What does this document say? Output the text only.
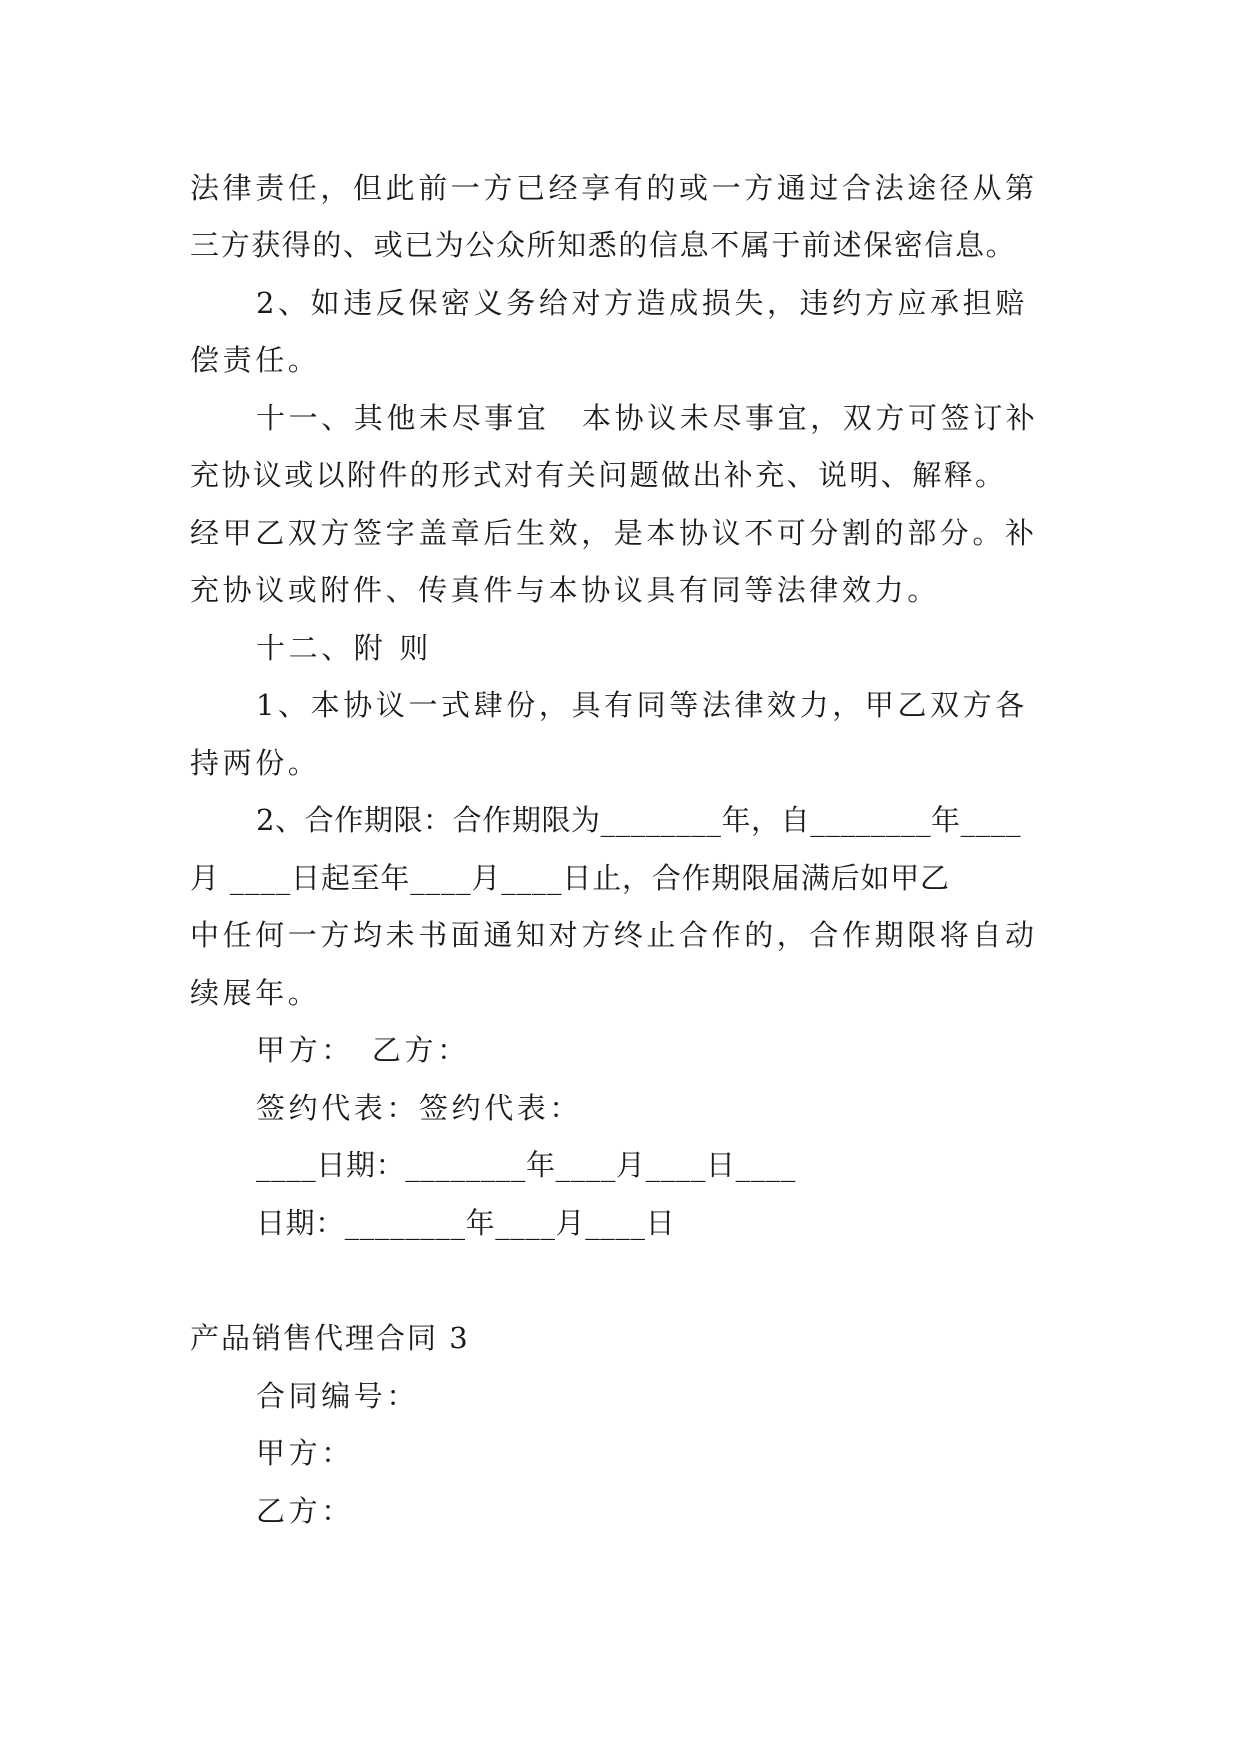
法律责任，但此前一方已经享有的或一方通过合法途径从第
三方获得的、或已为公众所知悉的信息不属于前述保密信息。
2、如违反保密义务给对方造成损失，违约方应承担赔
偿责任。
十一、其他未尽事宜　本协议未尽事宜，双方可签订补
充协议或以附件的形式对有关问题做出补充、说明、解释。
经甲乙双方签字盖章后生效，是本协议不可分割的部分。补
充协议或附件、传真件与本协议具有同等法律效力。
十二、附 则
1、本协议一式肆份，具有同等法律效力，甲乙双方各
持两份。
2、合作期限：合作期限为________年，自________年____
月 ____日起至年____月____日止，合作期限届满后如甲乙
中任何一方均未书面通知对方终止合作的，合作期限将自动
续展年。
甲方：　乙方：
签约代表：签约代表：
____日期：________年____月____日____
日期：________年____月____日
产品销售代理合同 3
合同编号：
甲方：
乙方：
